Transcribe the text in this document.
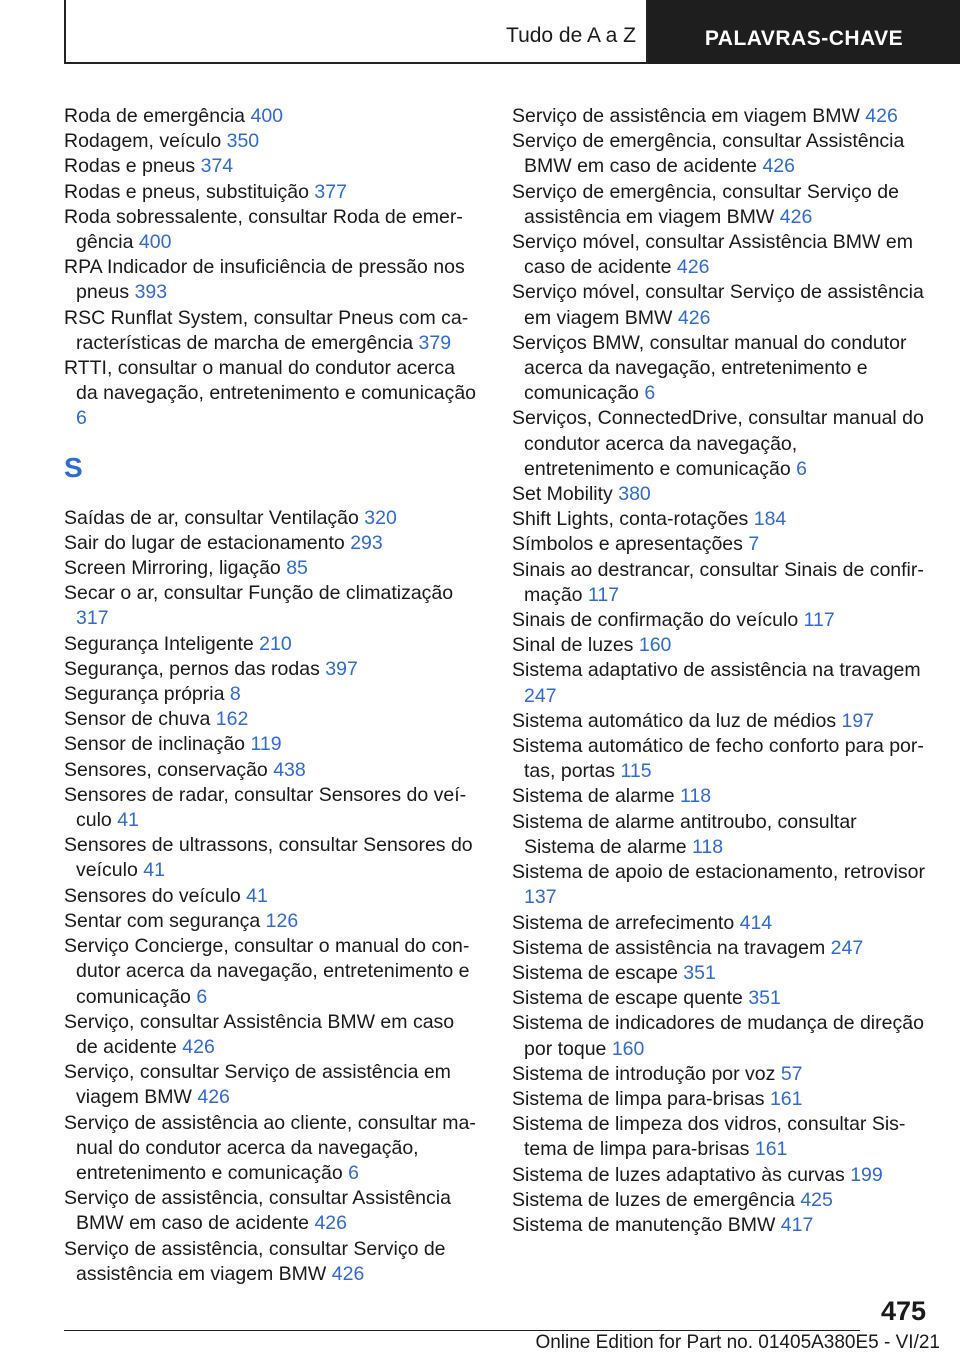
Tudo de A a Z	PALAVRAS-CHAVE

Roda de emergência 400

Rodagem, veículo 350

Rodas e pneus 374

Rodas e pneus, substituição 377

Roda sobressalente, consultar Roda de emergência 400

RPA Indicador de insuficiência de pressão nos pneus 393

RSC Runflat System, consultar Pneus com características de marcha de emergência 379

RTTI, consultar o manual do condutor acerca da navegação, entretenimento e comunicação 6

S

Saídas de ar, consultar Ventilação 320

Sair do lugar de estacionamento 293

Screen Mirroring, ligação 85

Secar o ar, consultar Função de climatização 317

Segurança Inteligente 210

Segurança, pernos das rodas 397

Segurança própria 8

Sensor de chuva 162

Sensor de inclinação 119

Sensores, conservação 438

Sensores de radar, consultar Sensores do veículo 41

Sensores de ultrassons, consultar Sensores do veículo 41

Sensores do veículo 41

Sentar com segurança 126

Serviço Concierge, consultar o manual do condutor acerca da navegação, entretenimento e comunicação 6

Serviço, consultar Assistência BMW em caso de acidente 426

Serviço, consultar Serviço de assistência em viagem BMW 426

Serviço de assistência ao cliente, consultar manual do condutor acerca da navegação, entretenimento e comunicação 6

Serviço de assistência, consultar Assistência BMW em caso de acidente 426

Serviço de assistência, consultar Serviço de assistência em viagem BMW 426

Serviço de assistência em viagem BMW 426

Serviço de emergência, consultar Assistência BMW em caso de acidente 426

Serviço de emergência, consultar Serviço de assistência em viagem BMW 426

Serviço móvel, consultar Assistência BMW em caso de acidente 426

Serviço móvel, consultar Serviço de assistência em viagem BMW 426

Serviços BMW, consultar manual do condutor acerca da navegação, entretenimento e comunicação 6

Serviços, ConnectedDrive, consultar manual do condutor acerca da navegação, entretenimento e comunicação 6

Set Mobility 380

Shift Lights, conta-rotações 184

Símbolos e apresentações 7

Sinais ao destrancar, consultar Sinais de confirmação 117

Sinais de confirmação do veículo 117

Sinal de luzes 160

Sistema adaptativo de assistência na travagem 247

Sistema automático da luz de médios 197

Sistema automático de fecho conforto para portas, portas 115

Sistema de alarme 118

Sistema de alarme antitroubo, consultar Sistema de alarme 118

Sistema de apoio de estacionamento, retrovisor 137

Sistema de arrefecimento 414

Sistema de assistência na travagem 247

Sistema de escape 351

Sistema de escape quente 351

Sistema de indicadores de mudança de direção por toque 160

Sistema de introdução por voz 57

Sistema de limpa para-brisas 161

Sistema de limpeza dos vidros, consultar Sistema de limpa para-brisas 161

Sistema de luzes adaptativo às curvas 199

Sistema de luzes de emergência 425

Sistema de manutenção BMW 417

475
Online Edition for Part no. 01405A380E5 - VI/21
